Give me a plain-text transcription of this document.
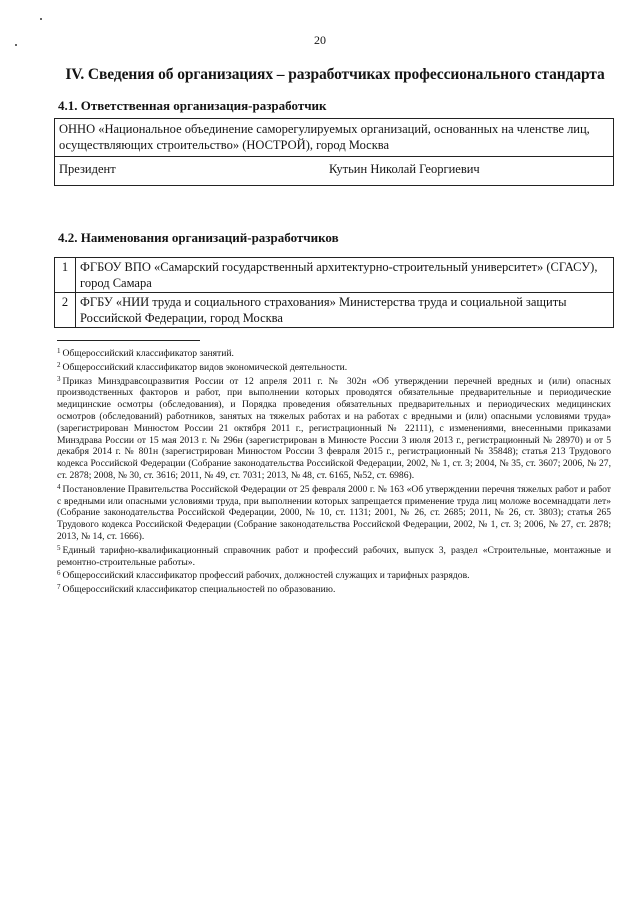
20
IV. Сведения об организациях – разработчиках профессионального стандарта
4.1. Ответственная организация-разработчик
ОННО «Национальное объединение саморегулируемых организаций, основанных на членстве лиц, осуществляющих строительство» (НОСТРОЙ), город Москва
Президент	Кутьин Николай Георгиевич
4.2. Наименования организаций-разработчиков
1	ФГБОУ ВПО «Самарский государственный архитектурно-строительный университет» (СГАСУ), город Самара
2	ФГБУ «НИИ труда и социального страхования» Министерства труда и социальной защиты Российской Федерации, город Москва

$^1$ Общероссийский классификатор занятий.

$^2$ Общероссийский классификатор видов экономической деятельности.

$^3$ Приказ Минздравсоцразвития России от 12 апреля 2011 г. № 302н «Об утверждении перечней вредных и (или) опасных производственных факторов и работ, при выполнении которых проводятся обязательные предварительные и периодические медицинские осмотры (обследования), и Порядка проведения обязательных предварительных и периодических медицинских осмотров (обследований) работников, занятых на тяжелых работах и на работах с вредными и (или) опасными условиями труда» (зарегистрирован Минюстом России 21 октября 2011 г., регистрационный № 22111), с изменениями, внесенными приказами Минздрава России от 15 мая 2013 г. № 296н (зарегистрирован в Минюсте России 3 июля 2013 г., регистрационный № 28970) и от 5 декабря 2014 г. № 801н (зарегистрирован Минюстом России 3 февраля 2015 г., регистрационный № 35848); статья 213 Трудового кодекса Российской Федерации (Собрание законодательства Российской Федерации, 2002, № 1, ст. 3; 2004, № 35, ст. 3607; 2006, № 27, ст. 2878; 2008, № 30, ст. 3616; 2011, № 49, ст. 7031; 2013, № 48, ст. 6165, №52, ст. 6986).

$^4$ Постановление Правительства Российской Федерации от 25 февраля 2000 г. № 163 «Об утверждении перечня тяжелых работ и работ с вредными или опасными условиями труда, при выполнении которых запрещается применение труда лиц моложе восемнадцати лет» (Собрание законодательства Российской Федерации, 2000, № 10, ст. 1131; 2001, № 26, ст. 2685; 2011, № 26, ст. 3803); статья 265 Трудового кодекса Российской Федерации (Собрание законодательства Российской Федерации, 2002, № 1, ст. 3; 2006, № 27, ст. 2878; 2013, № 14, ст. 1666).

$^5$ Единый тарифно-квалификационный справочник работ и профессий рабочих, выпуск 3, раздел «Строительные, монтажные и ремонтно-строительные работы».

$^6$ Общероссийский классификатор профессий рабочих, должностей служащих и тарифных разрядов.

$^7$ Общероссийский классификатор специальностей по образованию.
